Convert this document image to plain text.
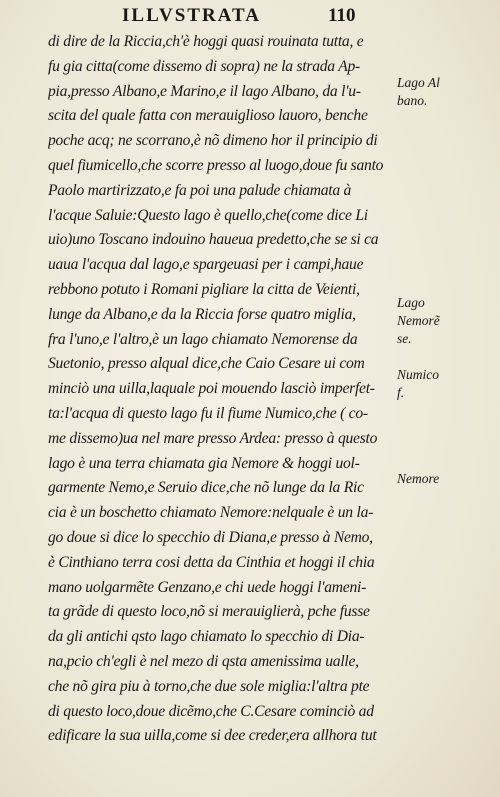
ILLVSTRATA	110
di dire de la Riccia,ch'è hoggi quasi rouinata tutta, e
fu gia citta(come dissemo di sopra) ne la strada Ap-
pia,presso Albano,e Marino,e il lago Albano, da l'u-
scita del quale fatta con merauiglioso lauoro, benche
poche acq; ne scorrano,è nõ dimeno hor il principio di
quel fiumicello,che scorre presso al luogo,doue fu santo
Paolo martirizzato,e fa poi una palude chiamata à
l'acque Saluie:Questo lago è quello,che(come dice Li
uio)uno Toscano indouino haueua predetto,che se si ca
uaua l'acqua dal lago,e spargeuasi per i campi,haue
rebbono potuto i Romani pigliare la citta de Veienti,
lunge da Albano,e da la Riccia forse quatro miglia,
fra l'uno,e l'altro,è un lago chiamato Nemorense da
Suetonio, presso alqual dice,che Caio Cesare ui com
minciò una uilla,laquale poi mouendo lasciò imperfet-
ta:l'acqua di questo lago fu il fiume Numico,che ( co-
me dissemo)ua nel mare presso Ardea: presso à questo
lago è una terra chiamata gia Nemore & hoggi uol-
garmente Nemo,e Seruio dice,che nõ lunge da la Ric
cia è un boschetto chiamato Nemore:nelquale è un la-
go doue si dice lo specchio di Diana,e presso à Nemo,
è Cinthiano terra cosi detta da Cinthia et hoggi il chia
mano uolgarmẽte Genzano,e chi uede hoggi l'ameni-
ta grãde di questo loco,nõ si merauiglierà, pche fusse
da gli antichi qsto lago chiamato lo specchio di Dia-
na,pcio ch'egli è nel mezo di qsta amenissima ualle,
che nõ gira piu à torno,che due sole miglia:l'altra pte
di questo loco,doue dicẽmo,che C.Cesare cominciò ad
edificare la sua uilla,come si dee creder,era allhora tut
Lago Al
bano.
Lago
Nemorẽ
se.
Numico
f.
Nemore
